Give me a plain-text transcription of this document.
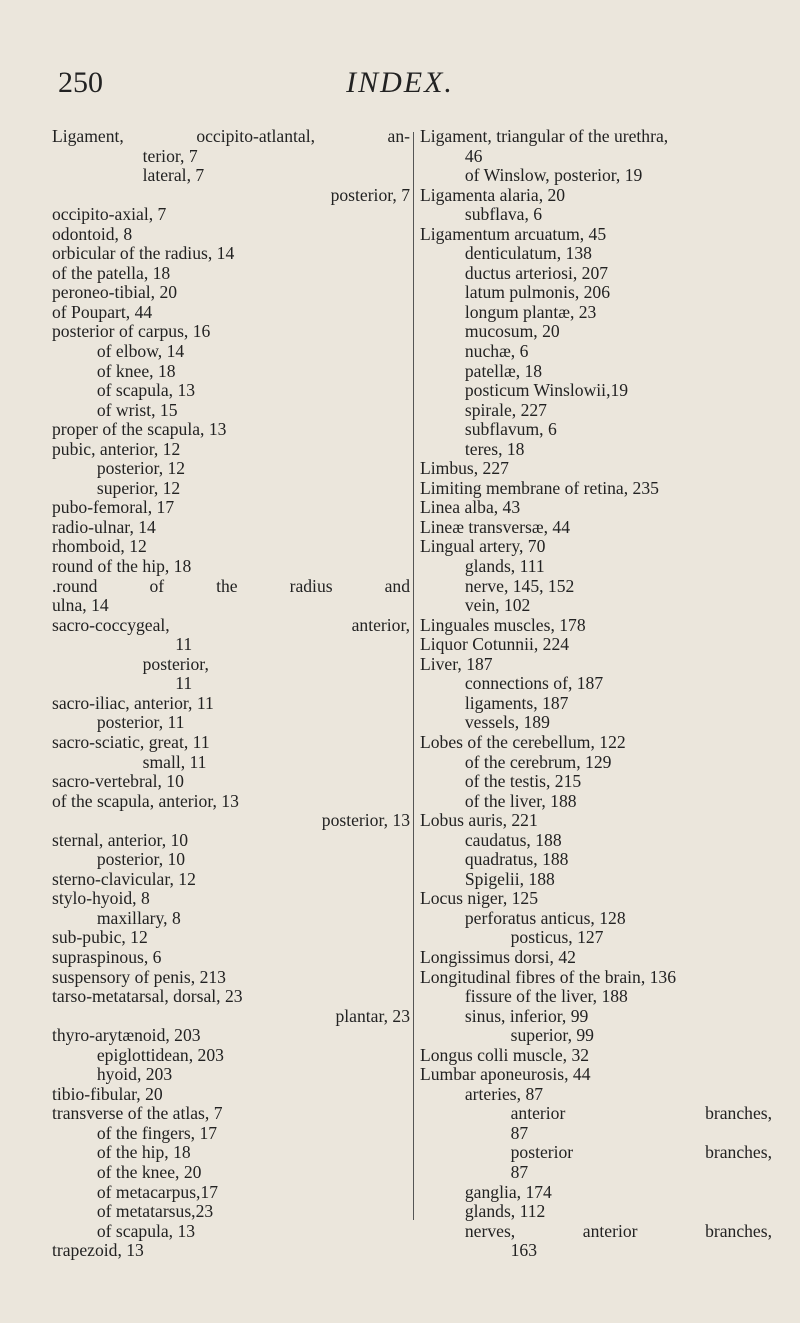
250	INDEX.
Ligament, occipito-atlantal, an-
terior, 7
lateral, 7
posterior, 7
occipito-axial, 7
odontoid, 8
orbicular of the radius, 14
of the patella, 18
peroneo-tibial, 20
of Poupart, 44
posterior of carpus, 16
of elbow, 14
of knee, 18
of scapula, 13
of wrist, 15
proper of the scapula, 13
pubic, anterior, 12
posterior, 12
superior, 12
pubo-femoral, 17
radio-ulnar, 14
rhomboid, 12
round of the hip, 18
.round of the radius and
ulna, 14
sacro-coccygeal, anterior,
11
posterior,
11
sacro-iliac, anterior, 11
posterior, 11
sacro-sciatic, great, 11
small, 11
sacro-vertebral, 10
of the scapula, anterior, 13
posterior, 13
sternal, anterior, 10
posterior, 10
sterno-clavicular, 12
stylo-hyoid, 8
maxillary, 8
sub-pubic, 12
supraspinous, 6
suspensory of penis, 213
tarso-metatarsal, dorsal, 23
plantar, 23
thyro-arytænoid, 203
epiglottidean, 203
hyoid, 203
tibio-fibular, 20
transverse of the atlas, 7
of the fingers, 17
of the hip, 18
of the knee, 20
of metacarpus,17
of metatarsus,23
of scapula, 13
trapezoid, 13
Ligament, triangular of the urethra,
46
of Winslow, posterior, 19
Ligamenta alaria, 20
subflava, 6
Ligamentum arcuatum, 45
denticulatum, 138
ductus arteriosi, 207
latum pulmonis, 206
longum plantæ, 23
mucosum, 20
nuchæ, 6
patellæ, 18
posticum Winslowii,19
spirale, 227
subflavum, 6
teres, 18
Limbus, 227
Limiting membrane of retina, 235
Linea alba, 43
Lineæ transversæ, 44
Lingual artery, 70
glands, 111
nerve, 145, 152
vein, 102
Linguales muscles, 178
Liquor Cotunnii, 224
Liver, 187
connections of, 187
ligaments, 187
vessels, 189
Lobes of the cerebellum, 122
of the cerebrum, 129
of the testis, 215
of the liver, 188
Lobus auris, 221
caudatus, 188
quadratus, 188
Spigelii, 188
Locus niger, 125
perforatus anticus, 128
posticus, 127
Longissimus dorsi, 42
Longitudinal fibres of the brain, 136
fissure of the liver, 188
sinus, inferior, 99
superior, 99
Longus colli muscle, 32
Lumbar aponeurosis, 44
arteries, 87
anterior branches,
87
posterior branches,
87
ganglia, 174
glands, 112
nerves, anterior branches,
163
